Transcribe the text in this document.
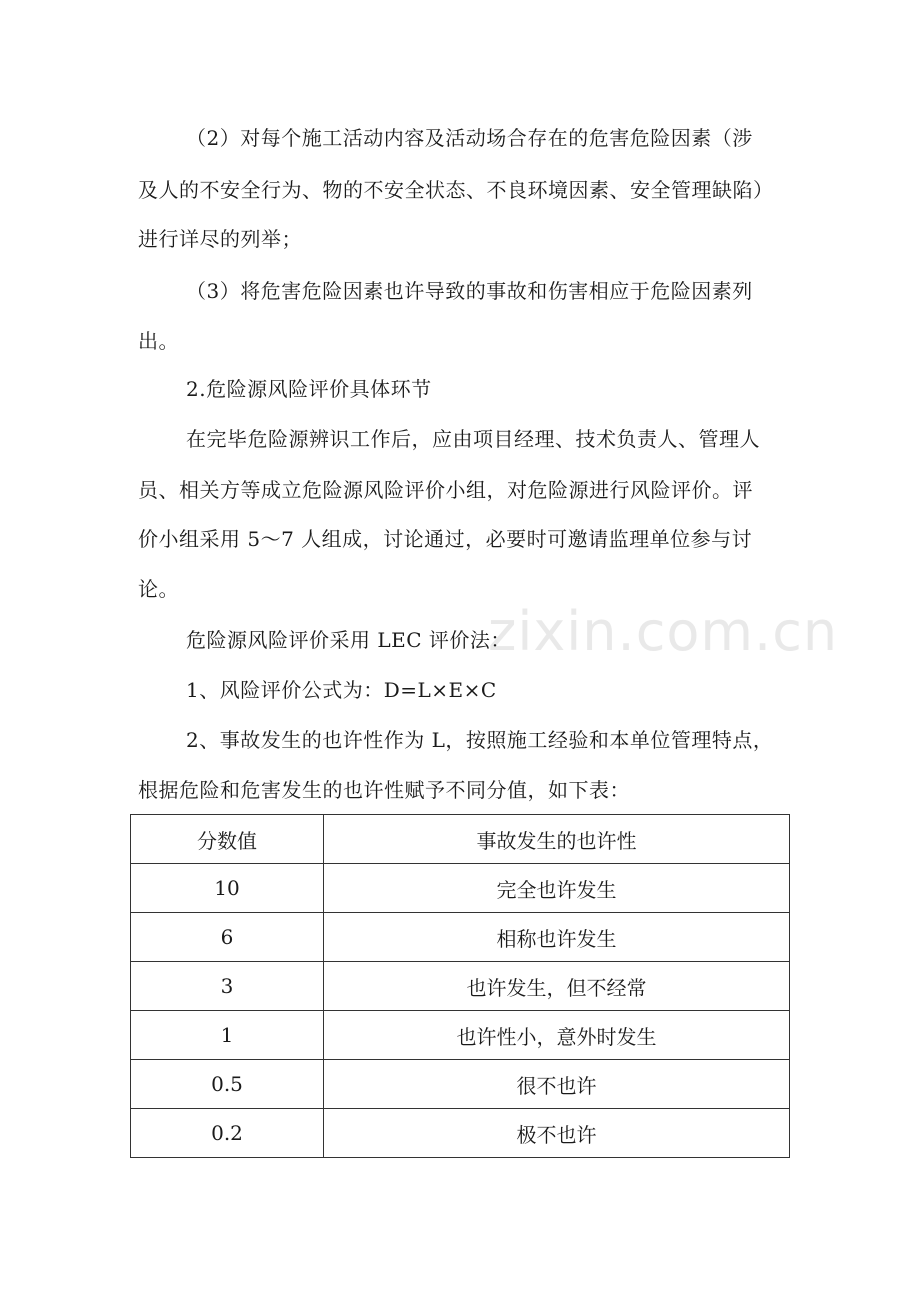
zixin.com.cn
（2）对每个施工活动内容及活动场合存在的危害危险因素（涉
及人的不安全行为、物的不安全状态、不良环境因素、安全管理缺陷）
进行详尽的列举；
（3）将危害危险因素也许导致的事故和伤害相应于危险因素列
出。
2.危险源风险评价具体环节
在完毕危险源辨识工作后，应由项目经理、技术负责人、管理人
员、相关方等成立危险源风险评价小组，对危险源进行风险评价。评
价小组采用 5～7 人组成，讨论通过，必要时可邀请监理单位参与讨
论。
危险源风险评价采用 LEC 评价法：
1、风险评价公式为：D=L×E×C
2、事故发生的也许性作为 L，按照施工经验和本单位管理特点，
根据危险和危害发生的也许性赋予不同分值，如下表：
分数值	事故发生的也许性
10	完全也许发生
6	相称也许发生
3	也许发生，但不经常
1	也许性小，意外时发生
0.5	很不也许
0.2	极不也许
